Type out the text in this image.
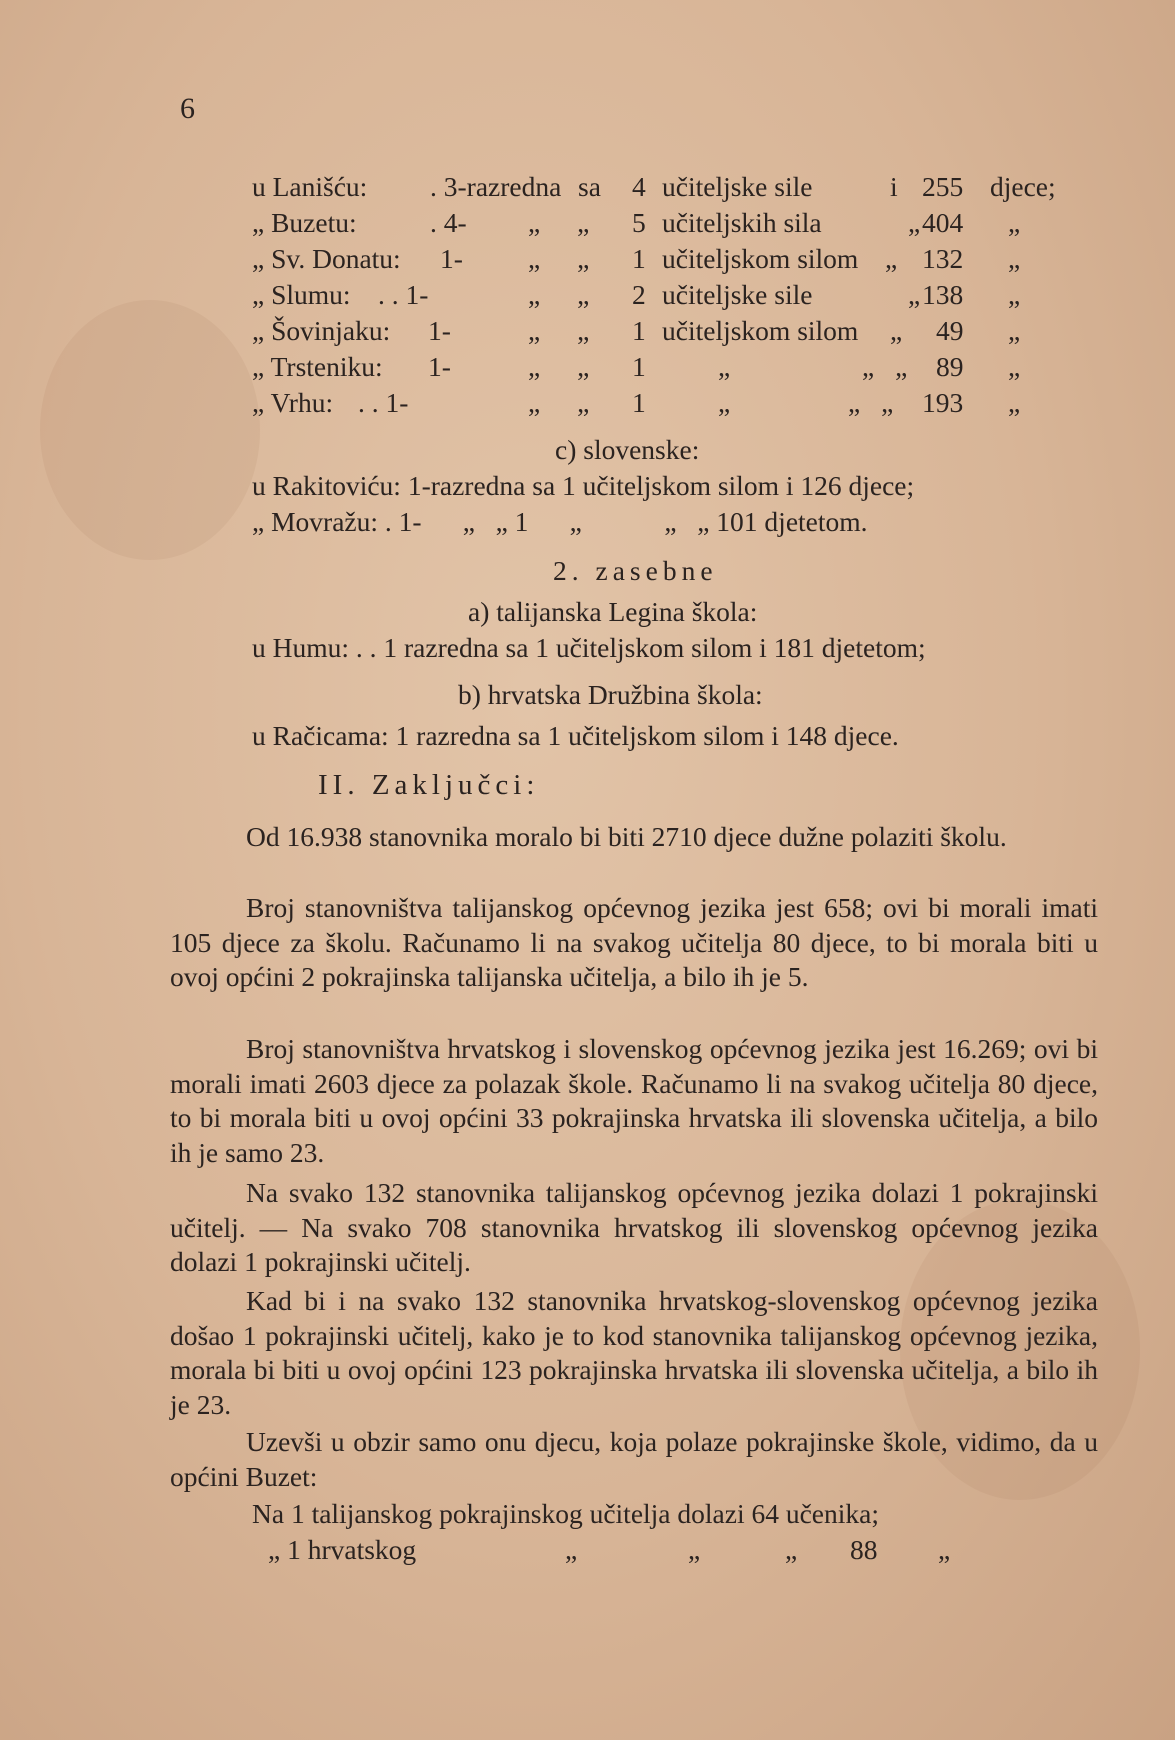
6
u Lanišću: . 3-razredna sa 4 učiteljske sile	i 255 djece;
„ Buzetu:	. 4- „ „ 5 učiteljskih sila	„ 404 „
„ Sv. Donatu: 1- „ „ 1 učiteljskom silom „ 132 „
„ Slumu: . . 1-	„ „ 2 učiteljske sile	„ 138 „
„ Šovinjaku: 1-	„ „ 1 učiteljskom silom „ 49 „
„ Trsteniku: 1-	„ „ 1	„	„ „ 89 „
„ Vrhu: . . 1-	„ „ 1	„	„ „ 193 „
c) slovenske:
u Rakitoviću: 1-razredna sa 1 učiteljskom silom i 126 djece;
„ Movražu: . 1-      „   „ 1      „            „   „ 101 djetetom.
2. zasebne
a) talijanska Legina škola:
u Humu: . . 1 razredna sa 1 učiteljskom silom i 181 djetetom;
b) hrvatska Družbina škola:
u Račicama: 1 razredna sa 1 učiteljskom silom i 148 djece.
II. Zaključci:
Od 16.938 stanovnika moralo bi biti 2710 djece dužne polaziti školu.
Broj stanovništva talijanskog općevnog jezika jest 658; ovi bi morali imati 105 djece za školu. Računamo li na svakog učitelja 80 djece, to bi morala biti u ovoj općini 2 pokrajinska talijanska učitelja, a bilo ih je 5.
Broj stanovništva hrvatskog i slovenskog općevnog jezika jest 16.269; ovi bi morali imati 2603 djece za polazak škole. Računamo li na svakog učitelja 80 djece, to bi morala biti u ovoj općini 33 pokrajinska hrvatska ili slovenska učitelja, a bilo ih je samo 23.
Na svako 132 stanovnika talijanskog općevnog jezika dolazi 1 pokrajinski učitelj. — Na svako 708 stanovnika hrvatskog ili slovenskog općevnog jezika dolazi 1 pokrajinski učitelj.
Kad bi i na svako 132 stanovnika hrvatskog-slovenskog općevnog jezika došao 1 pokrajinski učitelj, kako je to kod stanovnika talijanskog općevnog jezika, morala bi biti u ovoj općini 123 pokrajinska hrvatska ili slovenska učitelja, a bilo ih je 23.
Uzevši u obzir samo onu djecu, koja polaze pokrajinske škole, vidimo, da u općini Buzet:
Na 1 talijanskog pokrajinskog učitelja dolazi 64 učenika;
„ 1 hrvatskog	„	„	„ 88 „
